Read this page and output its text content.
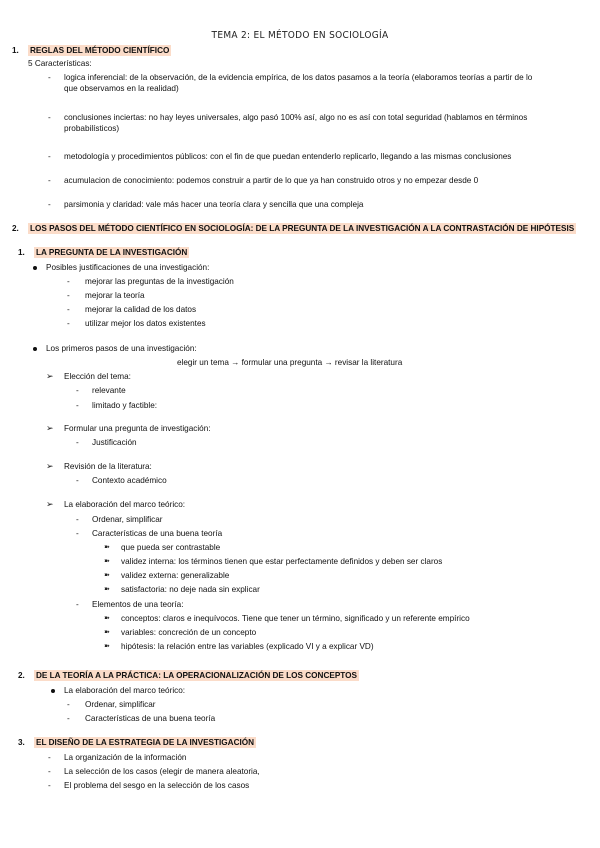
TEMA 2: EL MÉTODO EN SOCIOLOGÍA
1. REGLAS DEL MÉTODO CIENTÍFICO
5 Características:
- logica inferencial: de la observación, de la evidencia empírica, de los datos pasamos a la teoría (elaboramos teorías a partir de lo que observamos en la realidad)
- conclusiones inciertas: no hay leyes universales, algo pasó 100% así, algo no es así con total seguridad (hablamos en términos probabilísticos)
- metodología y procedimientos públicos: con el fin de que puedan entenderlo replicarlo, llegando a las mismas conclusiones
- acumulacion de conocimiento: podemos construir a partir de lo que ya han construido otros y no empezar desde 0
- parsimonia y claridad: vale más hacer una teoría clara y sencilla que una compleja
2. LOS PASOS DEL MÉTODO CIENTÍFICO EN SOCIOLOGÍA: DE LA PREGUNTA DE LA INVESTIGACIÓN A LA CONTRASTACIÓN DE HIPÓTESIS
1. LA PREGUNTA DE LA INVESTIGACIÓN
Posibles justificaciones de una investigación:
- mejorar las preguntas de la investigación
- mejorar la teoría
- mejorar la calidad de los datos
- utilizar mejor los datos existentes
Los primeros pasos de una investigación:
elegir un tema → formular una pregunta → revisar la literatura
➢ Elección del tema:
- relevante
- limitado y factible:
➢ Formular una pregunta de investigación:
- Justificación
➢ Revisión de la literatura:
- Contexto académico
➢ La elaboración del marco teórico:
- Ordenar, simplificar
- Características de una buena teoría
➽ que pueda ser contrastable
➽ validez interna: los términos tienen que estar perfectamente definidos y deben ser claros
➽ validez externa: generalizable
➽ satisfactoria: no deje nada sin explicar
- Elementos de una teoría:
➽ conceptos: claros e inequívocos. Tiene que tener un término, significado y un referente empírico
➽ variables: concreción de un concepto
➽ hipótesis: la relación entre las variables (explicado VI y a explicar VD)
2. DE LA TEORÍA A LA PRÁCTICA: LA OPERACIONALIZACIÓN DE LOS CONCEPTOS
La elaboración del marco teórico:
- Ordenar, simplificar
- Características de una buena teoría
3. EL DISEÑO DE LA ESTRATEGIA DE LA INVESTIGACIÓN
- La organización de la información
- La selección de los casos (elegir de manera aleatoria,
- El problema del sesgo en la selección de los casos
